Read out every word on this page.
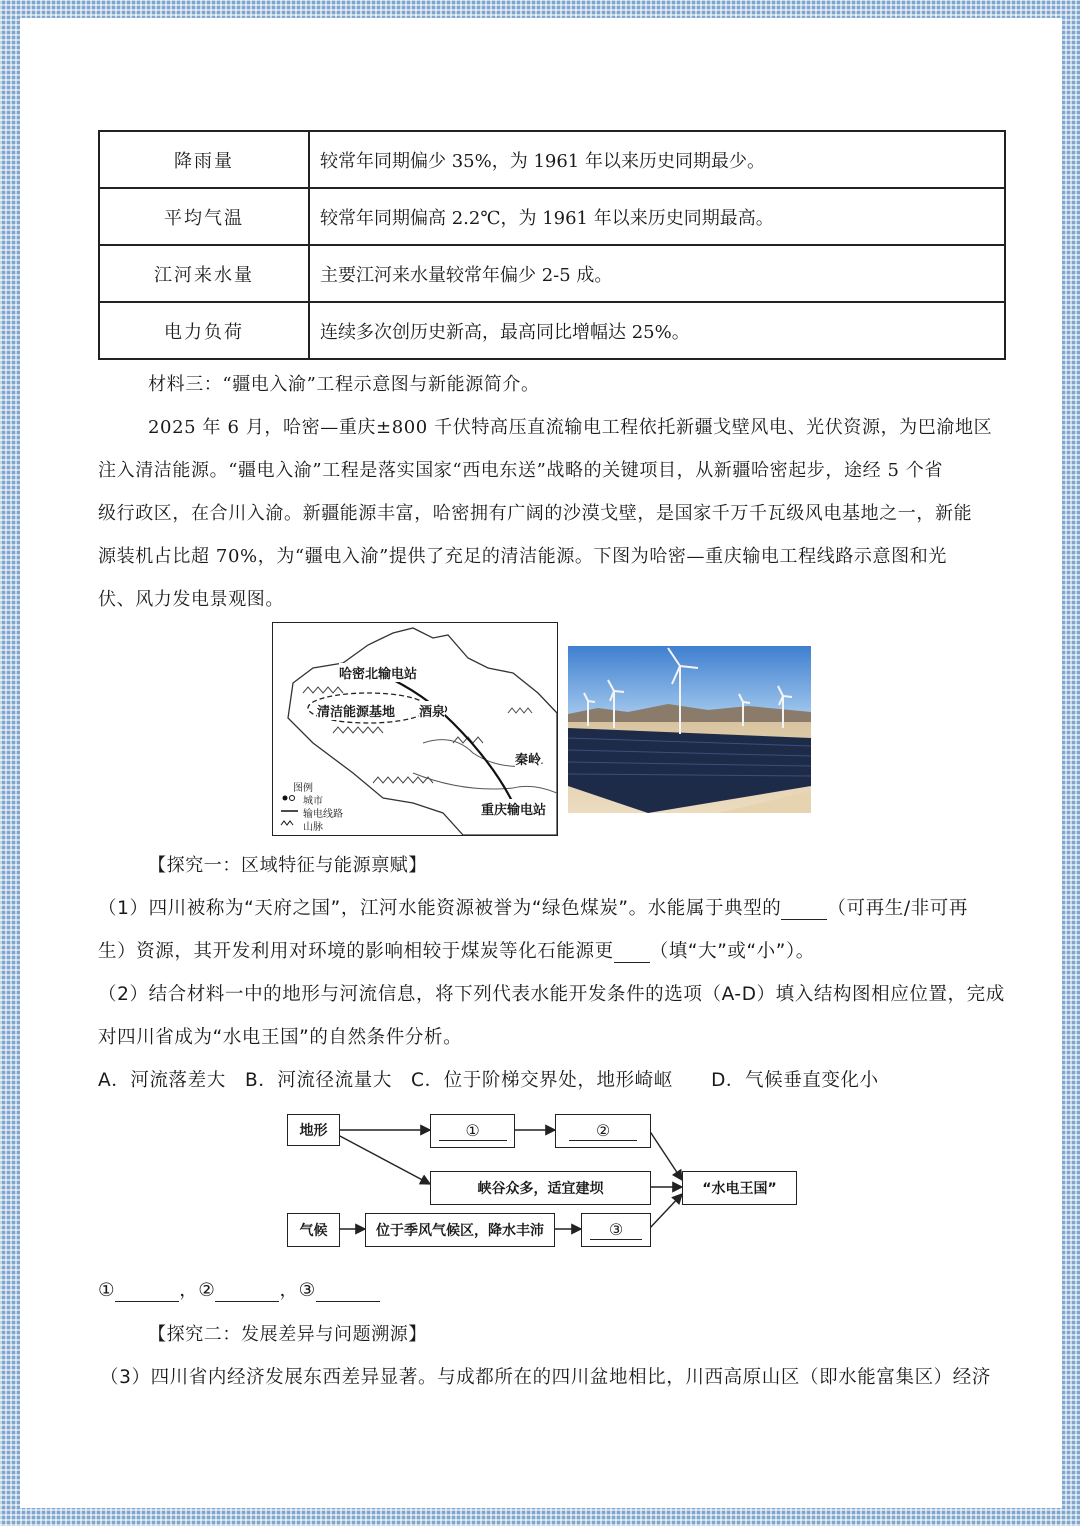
降雨量	较常年同期偏少 35%，为 1961 年以来历史同期最少。
平均气温	较常年同期偏高 2.2℃，为 1961 年以来历史同期最高。
江河来水量	主要江河来水量较常年偏少 2-5 成。
电力负荷	连续多次创历史新高，最高同比增幅达 25%。
材料三：“疆电入渝”工程示意图与新能源简介。
2025 年 6 月，哈密—重庆±800 千伏特高压直流输电工程依托新疆戈壁风电、光伏资源，为巴渝地区
注入清洁能源。“疆电入渝”工程是落实国家“西电东送”战略的关键项目，从新疆哈密起步，途经 5 个省
级行政区，在合川入渝。新疆能源丰富，哈密拥有广阔的沙漠戈壁，是国家千万千瓦级风电基地之一，新能
源装机占比超 70%，为“疆电入渝”提供了充足的清洁能源。下图为哈密—重庆输电工程线路示意图和光
伏、风力发电景观图。
哈密北输电站
清洁能源基地 酒泉
秦岭
重庆输电站
图例
城市
输电线路
山脉
【探究一：区域特征与能源禀赋】
（1）四川被称为“天府之国”，江河水能资源被誉为“绿色煤炭”。水能属于典型的 （可再生/非可再
生）资源，其开发利用对环境的影响相较于煤炭等化石能源更 （填“大”或“小”）。
（2）结合材料一中的地形与河流信息，将下列代表水能开发条件的选项（A-D）填入结构图相应位置，完成
对四川省成为“水电王国”的自然条件分析。
A．河流落差大　B．河流径流量大　C．位于阶梯交界处，地形崎岖　　D．气候垂直变化小
地形	①	②
峡谷众多，适宜建坝	“水电王国”
气候	位于季风气候区，降水丰沛	③
①	，②	，③
【探究二：发展差异与问题溯源】
（3）四川省内经济发展东西差异显著。与成都所在的四川盆地相比，川西高原山区（即水能富集区）经济
